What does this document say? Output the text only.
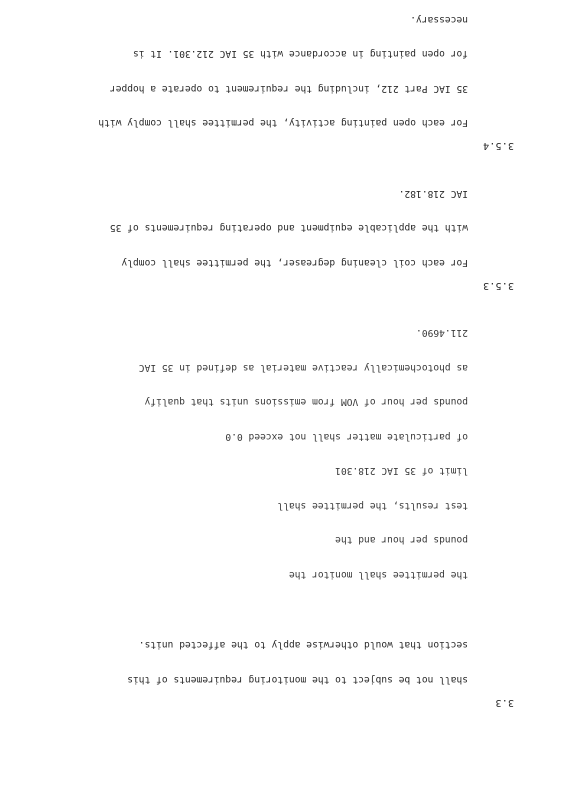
3.3

shall not be subject to the monitoring requirements of this

section that would otherwise apply to the affected units.

the permittee shall monitor the

pounds per hour and the

test results, the permittee shall

limit of 35 IAC 218.301

of particulate matter shall not exceed 0.0

pounds per hour of VOM from emissions units that qualify

as photochemically reactive material as defined in 35 IAC

211.4690.

3.5.3

For each coil cleaning degreaser, the permittee shall comply

with the applicable equipment and operating requirements of 35

IAC 218.182.

3.5.4

For each open painting activity, the permittee shall comply with

35 IAC Part 212, including the requirement to operate a hopper

for open painting in accordance with 35 IAC 212.301. It is

necessary.
